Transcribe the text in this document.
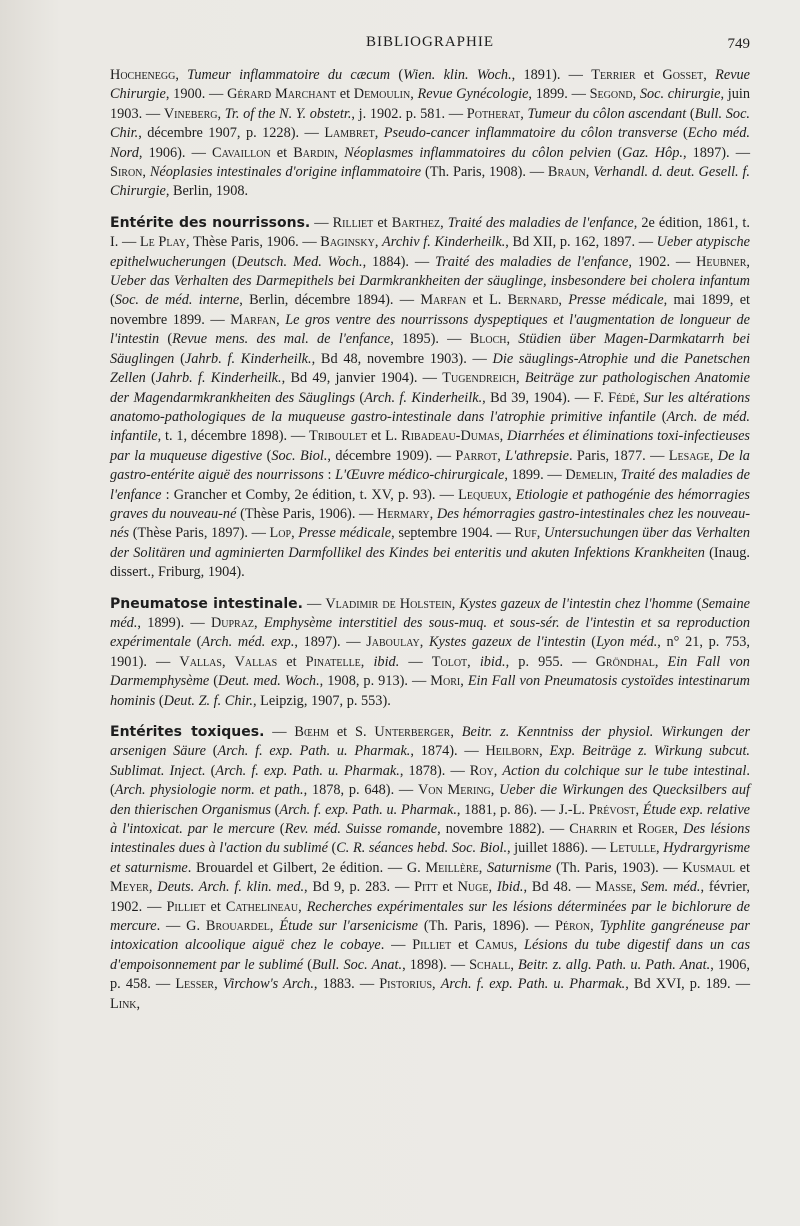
BIBLIOGRAPHIE	749

Hochenegg, Tumeur inflammatoire du cæcum (Wien. klin. Woch., 1891). — Terrier et Gosset, Revue Chirurgie, 1900. — Gérard Marchant et Demoulin, Revue Gynécologie, 1899. — Segond, Soc. chirurgie, juin 1903. — Vineberg, Tr. of the N. Y. obstetr., j. 1902. p. 581. — Potherat, Tumeur du côlon ascendant (Bull. Soc. Chir., décembre 1907, p. 1228). — Lambret, Pseudo-cancer inflammatoire du côlon transverse (Echo méd. Nord, 1906). — Cavaillon et Bardin, Néoplasmes inflammatoires du côlon pelvien (Gaz. Hôp., 1897). — Siron, Néoplasies intestinales d'origine inflammatoire (Th. Paris, 1908). — Braun, Verhandl. d. deut. Gesell. f. Chirurgie, Berlin, 1908.

Entérite des nourrissons. — Rilliet et Barthez, Traité des maladies de l'enfance, 2e édition, 1861, t. I. — Le Play, Thèse Paris, 1906. — Baginsky, Archiv f. Kinderheilk., Bd XII, p. 162, 1897. — Ueber atypische epithelwucherungen (Deutsch. Med. Woch., 1884). — Traité des maladies de l'enfance, 1902. — Heubner, Ueber das Verhalten des Darmepithels bei Darmkrankheiten der säuglinge, insbesondere bei cholera infantum (Soc. de méd. interne, Berlin, décembre 1894). — Marfan et L. Bernard, Presse médicale, mai 1899, et novembre 1899. — Marfan, Le gros ventre des nourrissons dyspeptiques et l'augmentation de longueur de l'intestin (Revue mens. des mal. de l'enfance, 1895). — Bloch, Stüdien über Magen-Darmkatarrh bei Säuglingen (Jahrb. f. Kinderheilk., Bd 48, novembre 1903). — Die säuglings-Atrophie und die Panetschen Zellen (Jahrb. f. Kinderheilk., Bd 49, janvier 1904). — Tugendreich, Beiträge zur pathologischen Anatomie der Magendarmkrankheiten des Säuglings (Arch. f. Kinderheilk., Bd 39, 1904). — F. Fédé, Sur les altérations anatomo-pathologiques de la muqueuse gastro-intestinale dans l'atrophie primitive infantile (Arch. de méd. infantile, t. 1, décembre 1898). — Triboulet et L. Ribadeau-Dumas, Diarrhées et éliminations toxi-infectieuses par la muqueuse digestive (Soc. Biol., décembre 1909). — Parrot, L'athrepsie. Paris, 1877. — Lesage, De la gastro-entérite aiguë des nourrissons : L'Œuvre médico-chirurgicale, 1899. — Demelin, Traité des maladies de l'enfance : Grancher et Comby, 2e édition, t. XV, p. 93). — Lequeux, Etiologie et pathogénie des hémorragies graves du nouveau-né (Thèse Paris, 1906). — Hermary, Des hémorragies gastro-intestinales chez les nouveau-nés (Thèse Paris, 1897). — Lop, Presse médicale, septembre 1904. — Ruf, Untersuchungen über das Verhalten der Solitären und agminierten Darmfollikel des Kindes bei enteritis und akuten Infektions Krankheiten (Inaug. dissert., Friburg, 1904).

Pneumatose intestinale. — Vladimir de Holstein, Kystes gazeux de l'intestin chez l'homme (Semaine méd., 1899). — Dupraz, Emphysème interstitiel des sous-muq. et sous-sér. de l'intestin et sa reproduction expérimentale (Arch. méd. exp., 1897). — Jaboulay, Kystes gazeux de l'intestin (Lyon méd., n° 21, p. 753, 1901). — Vallas, Vallas et Pinatelle, ibid. — Tolot, ibid., p. 955. — Gröndhal, Ein Fall von Darmemphysème (Deut. med. Woch., 1908, p. 913). — Mori, Ein Fall von Pneumatosis cystoïdes intestinarum hominis (Deut. Z. f. Chir., Leipzig, 1907, p. 553).

Entérites toxiques. — Bœhm et S. Unterberger, Beitr. z. Kenntniss der physiol. Wirkungen der arsenigen Säure (Arch. f. exp. Path. u. Pharmak., 1874). — Heilborn, Exp. Beiträge z. Wirkung subcut. Sublimat. Inject. (Arch. f. exp. Path. u. Pharmak., 1878). — Roy, Action du colchique sur le tube intestinal. (Arch. physiologie norm. et path., 1878, p. 648). — Von Mering, Ueber die Wirkungen des Quecksilbers auf den thierischen Organismus (Arch. f. exp. Path. u. Pharmak., 1881, p. 86). — J.-L. Prévost, Étude exp. relative à l'intoxicat. par le mercure (Rev. méd. Suisse romande, novembre 1882). — Charrin et Roger, Des lésions intestinales dues à l'action du sublimé (C. R. séances hebd. Soc. Biol., juillet 1886). — Letulle, Hydrargyrisme et saturnisme. Brouardel et Gilbert, 2e édition. — G. Meillère, Saturnisme (Th. Paris, 1903). — Kusmaul et Meyer, Deuts. Arch. f. klin. med., Bd 9, p. 283. — Pitt et Nuge, Ibid., Bd 48. — Masse, Sem. méd., février, 1902. — Pilliet et Cathelineau, Recherches expérimentales sur les lésions déterminées par le bichlorure de mercure. — G. Brouardel, Étude sur l'arsenicisme (Th. Paris, 1896). — Péron, Typhlite gangréneuse par intoxication alcoolique aiguë chez le cobaye. — Pilliet et Camus, Lésions du tube digestif dans un cas d'empoisonnement par le sublimé (Bull. Soc. Anat., 1898). — Schall, Beitr. z. allg. Path. u. Path. Anat., 1906, p. 458. — Lesser, Virchow's Arch., 1883. — Pistorius, Arch. f. exp. Path. u. Pharmak., Bd XVI, p. 189. — Link,
